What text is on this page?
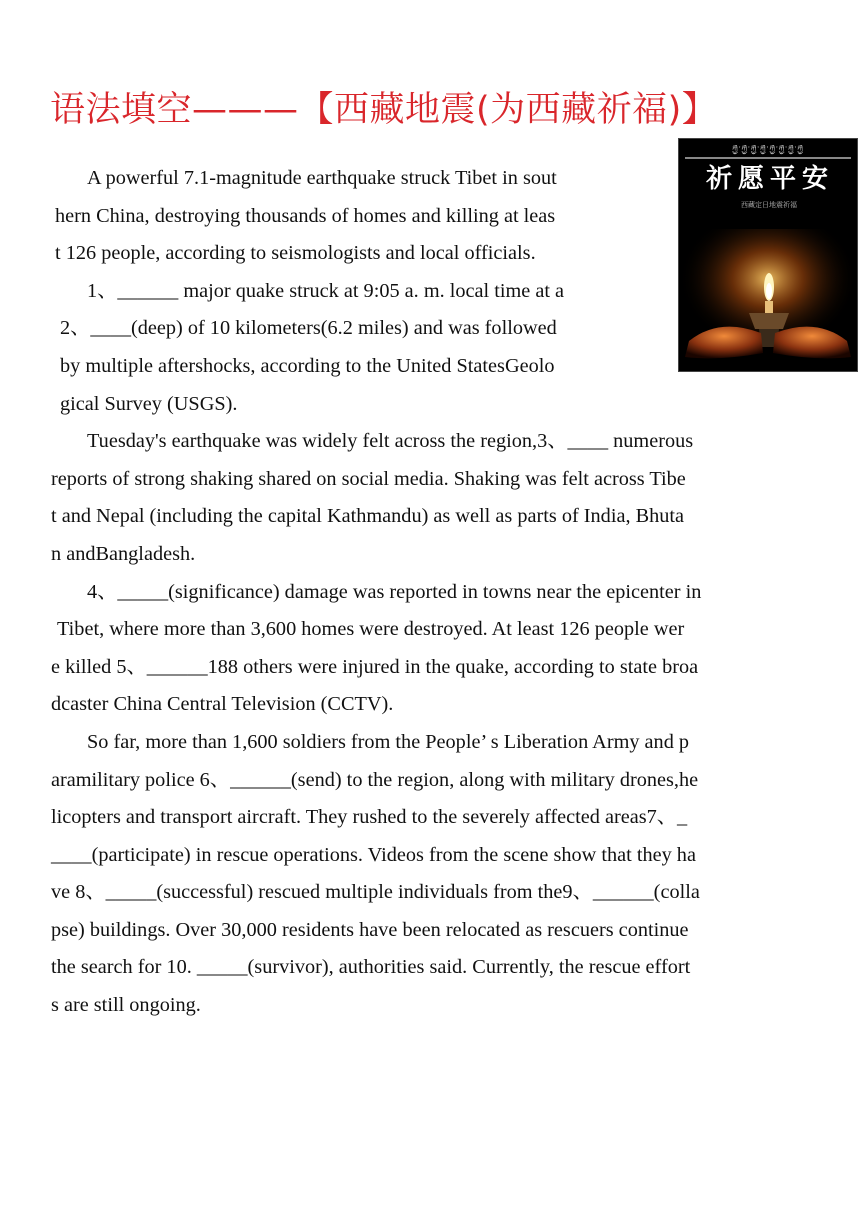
语法填空———【西藏地震(为西藏祈福)】
ཀྱཻ་ཀྱཻ་ཀྱཻ་ཀྱཻ་ཀྱཻ་ཀྱཻ་ཀྱཻ་ཀྱཻ
祈愿平安
西藏定日地震祈福
A powerful 7.1-magnitude earthquake struck Tibet in sout
hern China, destroying thousands of homes and killing at leas
t 126 people, according to seismologists and local officials.
1、______ major quake struck at 9:05 a. m. local time at a
2、____(deep) of 10 kilometers(6.2 miles) and was followed
by multiple aftershocks, according to the United StatesGeolo
gical Survey (USGS).
Tuesday's earthquake was widely felt across the region,3、____ numerous
reports of strong shaking shared on social media. Shaking was felt across Tibe
t and Nepal (including the capital Kathmandu) as well as parts of India, Bhuta
n andBangladesh.
4、_____(significance) damage was reported in towns near the epicenter in
Tibet, where more than 3,600 homes were destroyed. At least 126 people wer
e killed 5、______188 others were injured in the quake, according to state broa
dcaster China Central Television (CCTV).
So far, more than 1,600 soldiers from the People’ s Liberation Army and p
aramilitary police 6、______(send) to the region, along with military drones,he
licopters and transport aircraft. They rushed to the severely affected areas7、_
____(participate) in rescue operations. Videos from the scene show that they ha
ve 8、_____(successful) rescued multiple individuals from the9、______(colla
pse) buildings. Over 30,000 residents have been relocated as rescuers continue
the search for 10. _____(survivor), authorities said. Currently, the rescue effort
s are still ongoing.
